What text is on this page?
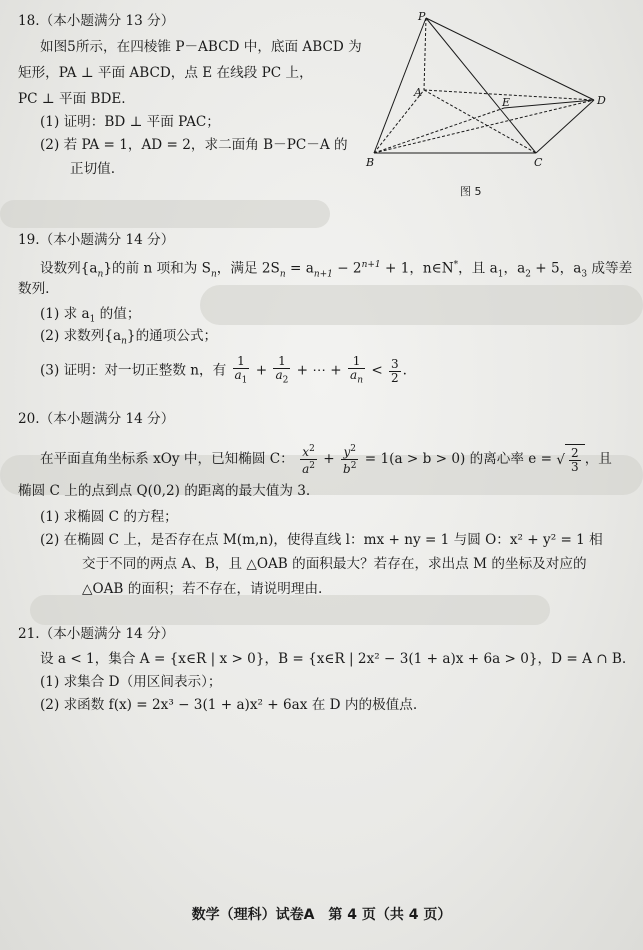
18.（本小题满分 13 分）
如图5所示，在四棱锥 P－ABCD 中，底面 ABCD 为
矩形，PA ⊥ 平面 ABCD，点 E 在线段 PC 上，
PC ⊥ 平面 BDE.
(1) 证明：BD ⊥ 平面 PAC；
(2) 若 PA = 1，AD = 2，求二面角 B－PC－A 的
正切值.
P
A
E	D
B	C
图 5
19.（本小题满分 14 分）
设数列$\{a_n\}$的前 n 项和为 $S_n$，满足 $2S_n = a_{n+1} - 2^{n+1} + 1$，n∈N*，且 $a_1$，$a_2 + 5$，$a_3$ 成等差
数列.
(1) 求 $a_1$ 的值；
(2) 求数列$\{a_n\}$的通项公式；
(3) 证明：对一切正整数 n，有 $\frac{1}{a_1} + \frac{1}{a_2}$ + ⋯ + $\frac{1}{a_n} < \frac{3}{2}$ .
20.（本小题满分 14 分）
在平面直角坐标系 xOy 中，已知椭圆 C： $\frac{x^2}{a^2} + \frac{y^2}{b^2} = 1(a > b > 0)$ 的离心率 e = √ $\frac{2}{3}$ ，且
椭圆 C 上的点到点 Q(0,2) 的距离的最大值为 3.
(1) 求椭圆 C 的方程；
(2) 在椭圆 C 上，是否存在点 M(m,n)，使得直线 l：mx + ny = 1 与圆 O：x² + y² = 1 相
交于不同的两点 A、B，且 △OAB 的面积最大？若存在，求出点 M 的坐标及对应的
△OAB 的面积；若不存在，请说明理由.
21.（本小题满分 14 分）
设 a < 1，集合 A = {x∈R | x > 0}，B = {x∈R | 2x² − 3(1 + a)x + 6a > 0}，D = A ∩ B.
(1) 求集合 D（用区间表示）；
(2) 求函数 f(x) = 2x³ − 3(1 + a)x² + 6ax 在 D 内的极值点.
数学（理科）试卷A　第 4 页（共 4 页）
